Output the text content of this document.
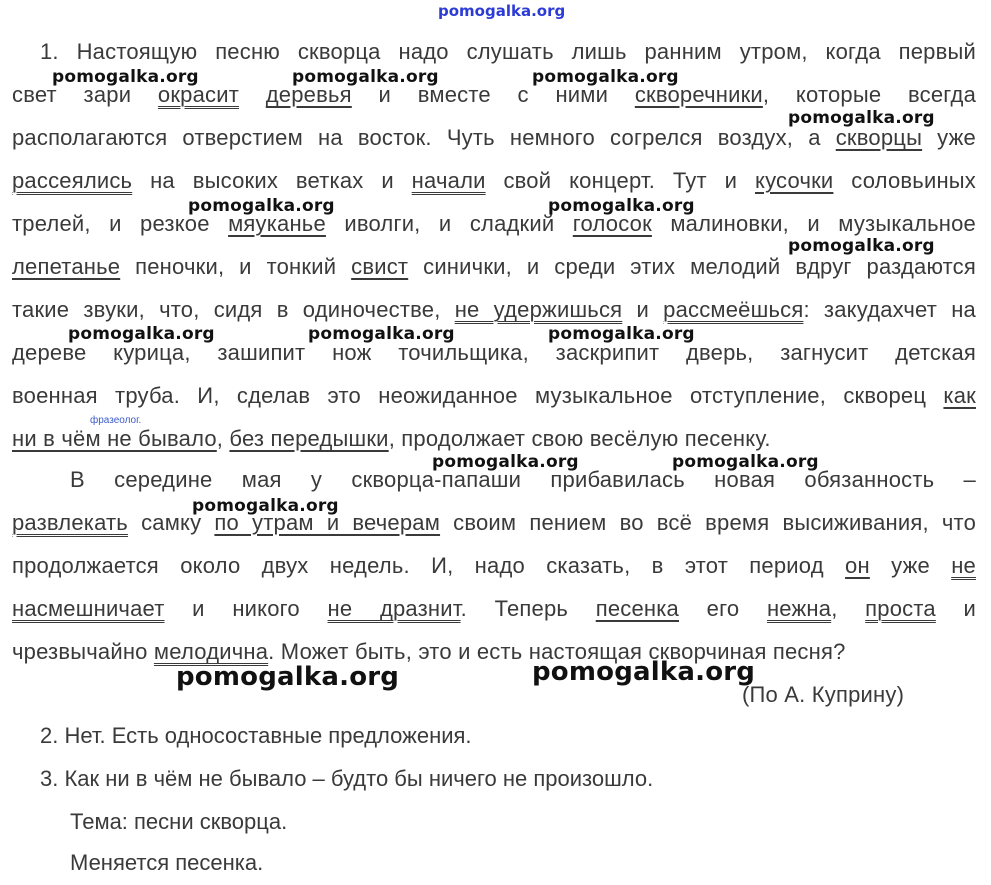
pomogalka.org
1. Настоящую песню скворца надо слушать лишь ранним утром, когда первый
свет зари окрасит деревья и вместе с ними скворечники, которые всегда
располагаются отверстием на восток. Чуть немного согрелся воздух, а скворцы уже
рассеялись на высоких ветках и начали свой концерт. Тут и кусочки соловьиных
трелей, и резкое мяуканье иволги, и сладкий голосок малиновки, и музыкальное
лепетанье пеночки, и тонкий свист синички, и среди этих мелодий вдруг раздаются
такие звуки, что, сидя в одиночестве, не удержишься и рассмеёшься: закудахчет на
дереве курица, зашипит нож точильщика, заскрипит дверь, загнусит детская
военная труба. И, сделав это неожиданное музыкальное отступление, скворец как
фразеолог.
ни в чём не бывало, без передышки, продолжает свою весёлую песенку.
В середине мая у скворца-папаши прибавилась новая обязанность –
развлекать самку по утрам и вечерам своим пением во всё время высиживания, что
продолжается около двух недель. И, надо сказать, в этот период он уже не
насмешничает и никого не дразнит. Теперь песенка его нежна, проста и
чрезвычайно мелодична. Может быть, это и есть настоящая скворчиная песня?
(По А. Куприну)
2. Нет. Есть односоставные предложения.
3. Как ни в чём не бывало – будто бы ничего не произошло.
Тема: песни скворца.
Меняется песенка.
pomogalka.org	pomogalka.org	pomogalka.org
pomogalka.org
pomogalka.org	pomogalka.org
pomogalka.org
pomogalka.org	pomogalka.org	pomogalka.org
pomogalka.org	pomogalka.org
pomogalka.org
pomogalka.org	pomogalka.org
